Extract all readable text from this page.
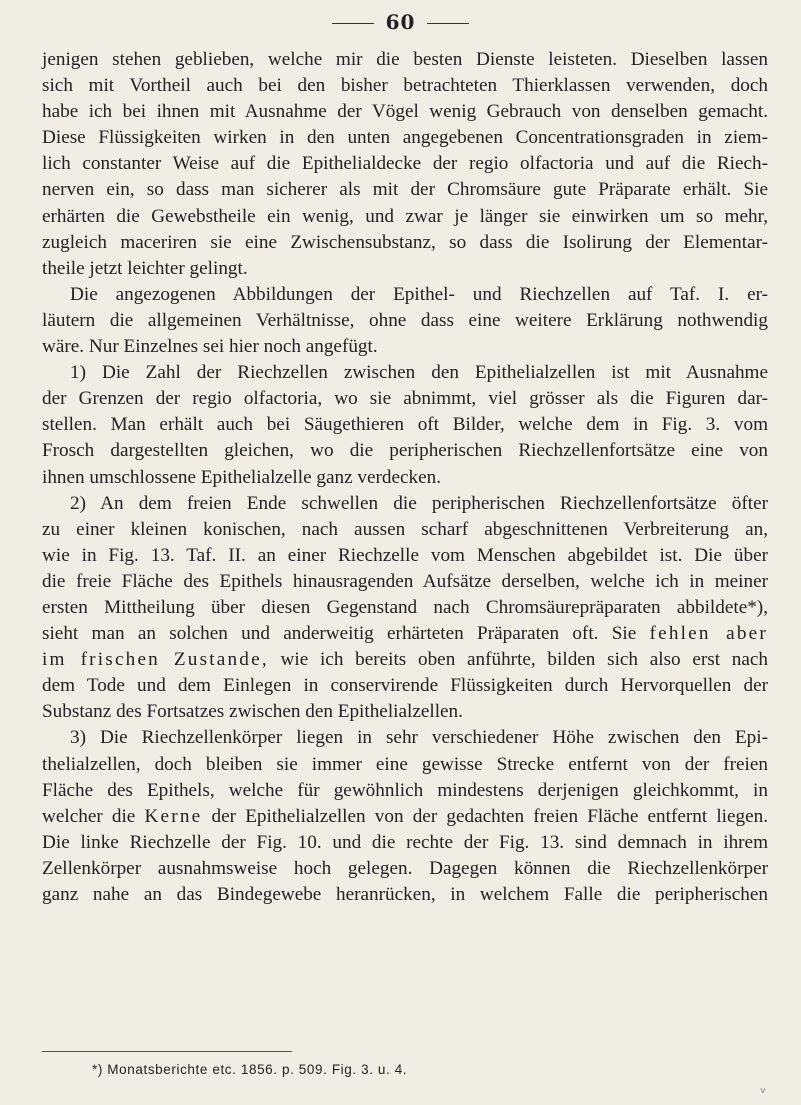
60
jenigen stehen geblieben, welche mir die besten Dienste leisteten. Dieselben lassen
sich mit Vortheil auch bei den bisher betrachteten Thierklassen verwenden, doch
habe ich bei ihnen mit Ausnahme der Vögel wenig Gebrauch von denselben gemacht.
Diese Flüssigkeiten wirken in den unten angegebenen Concentrationsgraden in ziem-
lich constanter Weise auf die Epithelialdecke der regio olfactoria und auf die Riech-
nerven ein, so dass man sicherer als mit der Chromsäure gute Präparate erhält. Sie
erhärten die Gewebstheile ein wenig, und zwar je länger sie einwirken um so mehr,
zugleich maceriren sie eine Zwischensubstanz, so dass die Isolirung der Elementar-
theile jetzt leichter gelingt.
Die angezogenen Abbildungen der Epithel- und Riechzellen auf Taf. I. er-
läutern die allgemeinen Verhältnisse, ohne dass eine weitere Erklärung nothwendig
wäre. Nur Einzelnes sei hier noch angefügt.
1) Die Zahl der Riechzellen zwischen den Epithelialzellen ist mit Ausnahme
der Grenzen der regio olfactoria, wo sie abnimmt, viel grösser als die Figuren dar-
stellen. Man erhält auch bei Säugethieren oft Bilder, welche dem in Fig. 3. vom
Frosch dargestellten gleichen, wo die peripherischen Riechzellenfortsätze eine von
ihnen umschlossene Epithelialzelle ganz verdecken.
2) An dem freien Ende schwellen die peripherischen Riechzellenfortsätze öfter
zu einer kleinen konischen, nach aussen scharf abgeschnittenen Verbreiterung an,
wie in Fig. 13. Taf. II. an einer Riechzelle vom Menschen abgebildet ist. Die über
die freie Fläche des Epithels hinausragenden Aufsätze derselben, welche ich in meiner
ersten Mittheilung über diesen Gegenstand nach Chromsäurepräparaten abbildete*),
sieht man an solchen und anderweitig erhärteten Präparaten oft. Sie fehlen aber
im frischen Zustande, wie ich bereits oben anführte, bilden sich also erst nach
dem Tode und dem Einlegen in conservirende Flüssigkeiten durch Hervorquellen der
Substanz des Fortsatzes zwischen den Epithelialzellen.
3) Die Riechzellenkörper liegen in sehr verschiedener Höhe zwischen den Epi-
thelialzellen, doch bleiben sie immer eine gewisse Strecke entfernt von der freien
Fläche des Epithels, welche für gewöhnlich mindestens derjenigen gleichkommt, in
welcher die Kerne der Epithelialzellen von der gedachten freien Fläche entfernt liegen.
Die linke Riechzelle der Fig. 10. und die rechte der Fig. 13. sind demnach in ihrem
Zellenkörper ausnahmsweise hoch gelegen. Dagegen können die Riechzellenkörper
ganz nahe an das Bindegewebe heranrücken, in welchem Falle die peripherischen
*) Monatsberichte etc. 1856. p. 509. Fig. 3. u. 4.
˅
